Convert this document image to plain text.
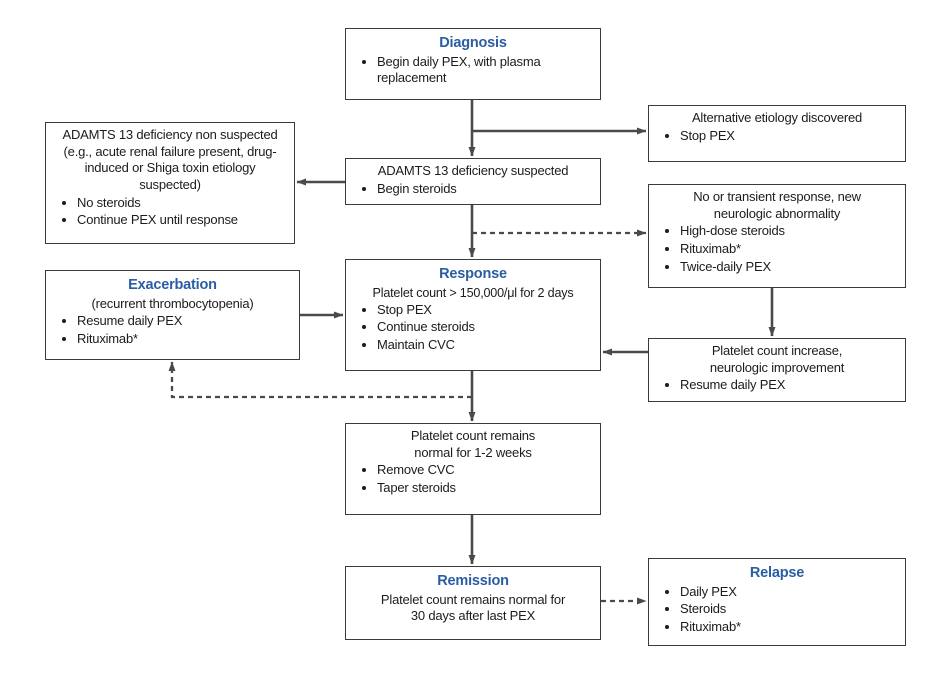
Diagnosis
• Begin daily PEX, with plasma replacement
Alternative etiology discovered
• Stop PEX
ADAMTS 13 deficiency non suspected (e.g., acute renal failure present, drug-induced or Shiga toxin etiology suspected)
• No steroids
• Continue PEX until response
ADAMTS 13 deficiency suspected
• Begin steroids
No or transient response, new neurologic abnormality
• High-dose steroids
• Rituximab*
• Twice-daily PEX
Exacerbation
(recurrent thrombocytopenia)
• Resume daily PEX
• Rituximab*
Response
Platelet count > 150,000/μl for 2 days
• Stop PEX
• Continue steroids
• Maintain CVC	Platelet count increase, neurologic improvement
• Resume daily PEX
Platelet count remains normal for 1-2 weeks
• Remove CVC
• Taper steroids
Remission
Platelet count remains normal for 30 days after last PEX
Relapse
• Daily PEX
• Steroids
• Rituximab*
